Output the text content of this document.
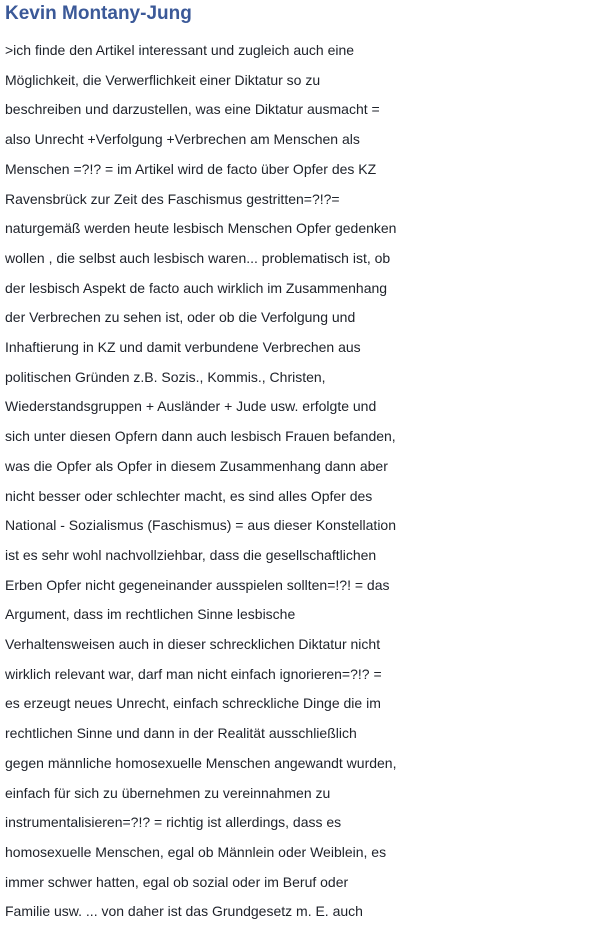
Kevin Montany-Jung
>ich finde den Artikel interessant und zugleich auch eine
Möglichkeit, die Verwerflichkeit einer Diktatur so zu
beschreiben und darzustellen, was eine Diktatur ausmacht =
also Unrecht +Verfolgung +Verbrechen am Menschen als
Menschen =?!? = im Artikel wird de facto über Opfer des KZ
Ravensbrück zur Zeit des Faschismus gestritten=?!?=
naturgemäß werden heute lesbisch Menschen Opfer gedenken
wollen , die selbst auch lesbisch waren... problematisch ist, ob
der lesbisch Aspekt de facto auch wirklich im Zusammenhang
der Verbrechen zu sehen ist, oder ob die Verfolgung und
Inhaftierung in KZ und damit verbundene Verbrechen aus
politischen Gründen z.B. Sozis., Kommis., Christen,
Wiederstandsgruppen + Ausländer + Jude usw. erfolgte und
sich unter diesen Opfern dann auch lesbisch Frauen befanden,
was die Opfer als Opfer in diesem Zusammenhang dann aber
nicht besser oder schlechter macht, es sind alles Opfer des
National - Sozialismus (Faschismus) = aus dieser Konstellation
ist es sehr wohl nachvollziehbar, dass die gesellschaftlichen
Erben Opfer nicht gegeneinander ausspielen sollten=!?! = das
Argument, dass im rechtlichen Sinne lesbische
Verhaltensweisen auch in dieser schrecklichen Diktatur nicht
wirklich relevant war, darf man nicht einfach ignorieren=?!? =
es erzeugt neues Unrecht, einfach schreckliche Dinge die im
rechtlichen Sinne und dann in der Realität ausschließlich
gegen männliche homosexuelle Menschen angewandt wurden,
einfach für sich zu übernehmen zu vereinnahmen zu
instrumentalisieren=?!? = richtig ist allerdings, dass es
homosexuelle Menschen, egal ob Männlein oder Weiblein, es
immer schwer hatten, egal ob sozial oder im Beruf oder
Familie usw. ... von daher ist das Grundgesetz m. E. auch
